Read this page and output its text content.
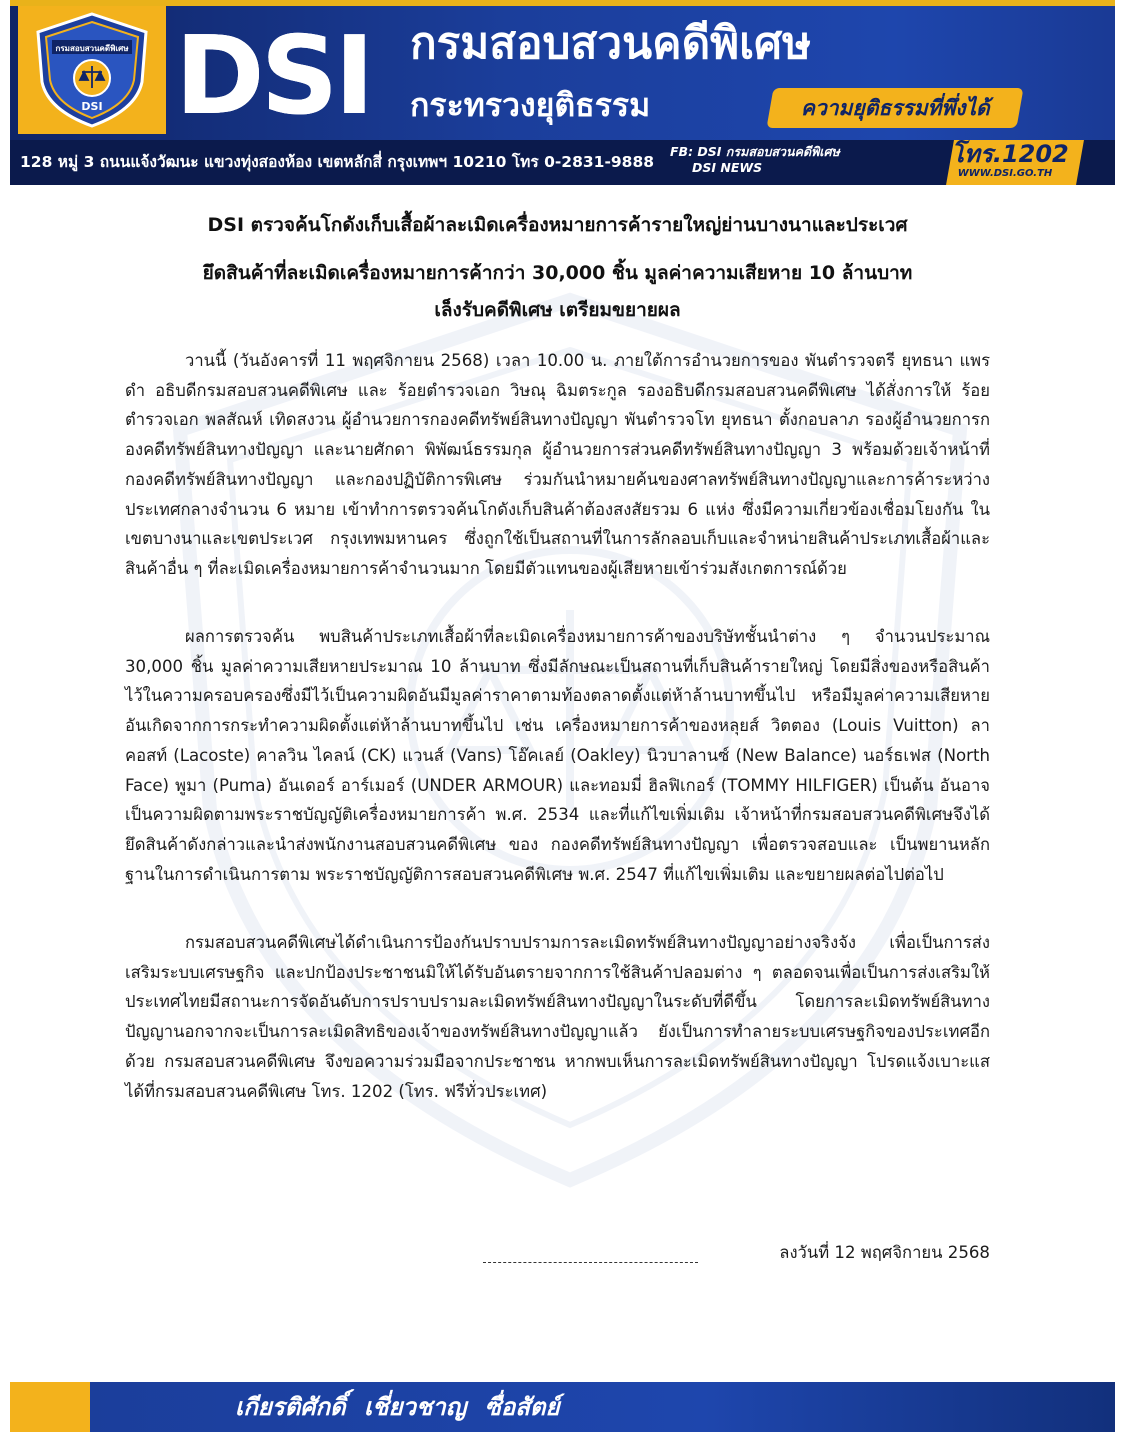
กรมสอบสวนคดีพิเศษ
DSI DSI กรมสอบสวนคดีพิเศษ
กระทรวงยุติธรรม	ความยุติธรรมที่พึ่งได้
128 หมู่ 3 ถนนแจ้งวัฒนะ แขวงทุ่งสองห้อง เขตหลักสี่ กรุงเทพฯ 10210 โทร 0-2831-9888
FB: DSI กรมสอบสวนคดีพิเศษ
DSI NEWS	โทร.1202
WWW.DSI.GO.TH
DSI ตรวจค้นโกดังเก็บเสื้อผ้าละเมิดเครื่องหมายการค้ารายใหญ่ย่านบางนาและประเวศ
ยึดสินค้าที่ละเมิดเครื่องหมายการค้ากว่า 30,000 ชิ้น มูลค่าความเสียหาย 10 ล้านบาท
เล็งรับคดีพิเศษ เตรียมขยายผล

วานนี้ (วันอังคารที่ 11 พฤศจิกายน 2568) เวลา 10.00 น. ภายใต้การอำนวยการของ พันตำรวจตรี ยุทธนา แพรดำ อธิบดีกรมสอบสวนคดีพิเศษ และ ร้อยตำรวจเอก วิษณุ ฉิมตระกูล รองอธิบดีกรมสอบสวนคดีพิเศษ ได้สั่งการให้ ร้อยตำรวจเอก พลสัณห์ เทิดสงวน ผู้อำนวยการกองคดีทรัพย์สินทางปัญญา พันตำรวจโท ยุทธนา ตั้งกอบลาภ รองผู้อำนวยการกองคดีทรัพย์สินทางปัญญา และนายศักดา พิพัฒน์ธรรมกุล ผู้อำนวยการส่วนคดีทรัพย์สินทางปัญญา 3 พร้อมด้วยเจ้าหน้าที่กองคดีทรัพย์สินทางปัญญา และกองปฏิบัติการพิเศษ ร่วมกันนำหมายค้นของศาลทรัพย์สินทางปัญญาและการค้าระหว่างประเทศกลางจำนวน 6 หมาย เข้าทำการตรวจค้นโกดังเก็บสินค้าต้องสงสัยรวม 6 แห่ง ซึ่งมีความเกี่ยวข้องเชื่อมโยงกัน ในเขตบางนาและเขตประเวศ กรุงเทพมหานคร ซึ่งถูกใช้เป็นสถานที่ในการลักลอบเก็บและจำหน่ายสินค้าประเภทเสื้อผ้าและสินค้าอื่น ๆ ที่ละเมิดเครื่องหมายการค้าจำนวนมาก โดยมีตัวแทนของผู้เสียหายเข้าร่วมสังเกตการณ์ด้วย

ผลการตรวจค้น พบสินค้าประเภทเสื้อผ้าที่ละเมิดเครื่องหมายการค้าของบริษัทชั้นนำต่าง ๆ จำนวนประมาณ 30,000 ชิ้น มูลค่าความเสียหายประมาณ 10 ล้านบาท ซึ่งมีลักษณะเป็นสถานที่เก็บสินค้ารายใหญ่ โดยมีสิ่งของหรือสินค้าไว้ในความครอบครองซึ่งมีไว้เป็นความผิดอันมีมูลค่าราคาตามท้องตลาดตั้งแต่ห้าล้านบาทขึ้นไป หรือมีมูลค่าความเสียหายอันเกิดจากการกระทำความผิดตั้งแต่ห้าล้านบาทขึ้นไป เช่น เครื่องหมายการค้าของหลุยส์ วิตตอง (Louis Vuitton) ลาคอสท์ (Lacoste) คาลวิน ไคลน์ (CK) แวนส์ (Vans) โอ๊คเลย์ (Oakley) นิวบาลานซ์ (New Balance) นอร์ธเฟส (North Face) พูมา (Puma) อันเดอร์ อาร์เมอร์ (UNDER ARMOUR) และทอมมี่ ฮิลฟิเกอร์ (TOMMY HILFIGER) เป็นต้น อันอาจเป็นความผิดตามพระราชบัญญัติเครื่องหมายการค้า พ.ศ. 2534 และที่แก้ไขเพิ่มเติม เจ้าหน้าที่กรมสอบสวนคดีพิเศษจึงได้ยึดสินค้าดังกล่าวและนำส่งพนักงานสอบสวนคดีพิเศษ ของ กองคดีทรัพย์สินทางปัญญา เพื่อตรวจสอบและ เป็นพยานหลักฐานในการดำเนินการตาม พระราชบัญญัติการสอบสวนคดีพิเศษ พ.ศ. 2547 ที่แก้ไขเพิ่มเติม และขยายผลต่อไปต่อไป

กรมสอบสวนคดีพิเศษได้ดำเนินการป้องกันปราบปรามการละเมิดทรัพย์สินทางปัญญาอย่างจริงจัง เพื่อเป็นการส่งเสริมระบบเศรษฐกิจ และปกป้องประชาชนมิให้ได้รับอันตรายจากการใช้สินค้าปลอมต่าง ๆ ตลอดจนเพื่อเป็นการส่งเสริมให้ประเทศไทยมีสถานะการจัดอันดับการปราบปรามละเมิดทรัพย์สินทางปัญญาในระดับที่ดีขึ้น โดยการละเมิดทรัพย์สินทางปัญญานอกจากจะเป็นการละเมิดสิทธิของเจ้าของทรัพย์สินทางปัญญาแล้ว ยังเป็นการทำลายระบบเศรษฐกิจของประเทศอีกด้วย กรมสอบสวนคดีพิเศษ จึงขอความร่วมมือจากประชาชน หากพบเห็นการละเมิดทรัพย์สินทางปัญญา โปรดแจ้งเบาะแสได้ที่กรมสอบสวนคดีพิเศษ โทร. 1202 (โทร. ฟรีทั่วประเทศ)

ลงวันที่ 12 พฤศจิกายน 2568
เกียรติศักดิ์ เชี่ยวชาญ ซื่อสัตย์
